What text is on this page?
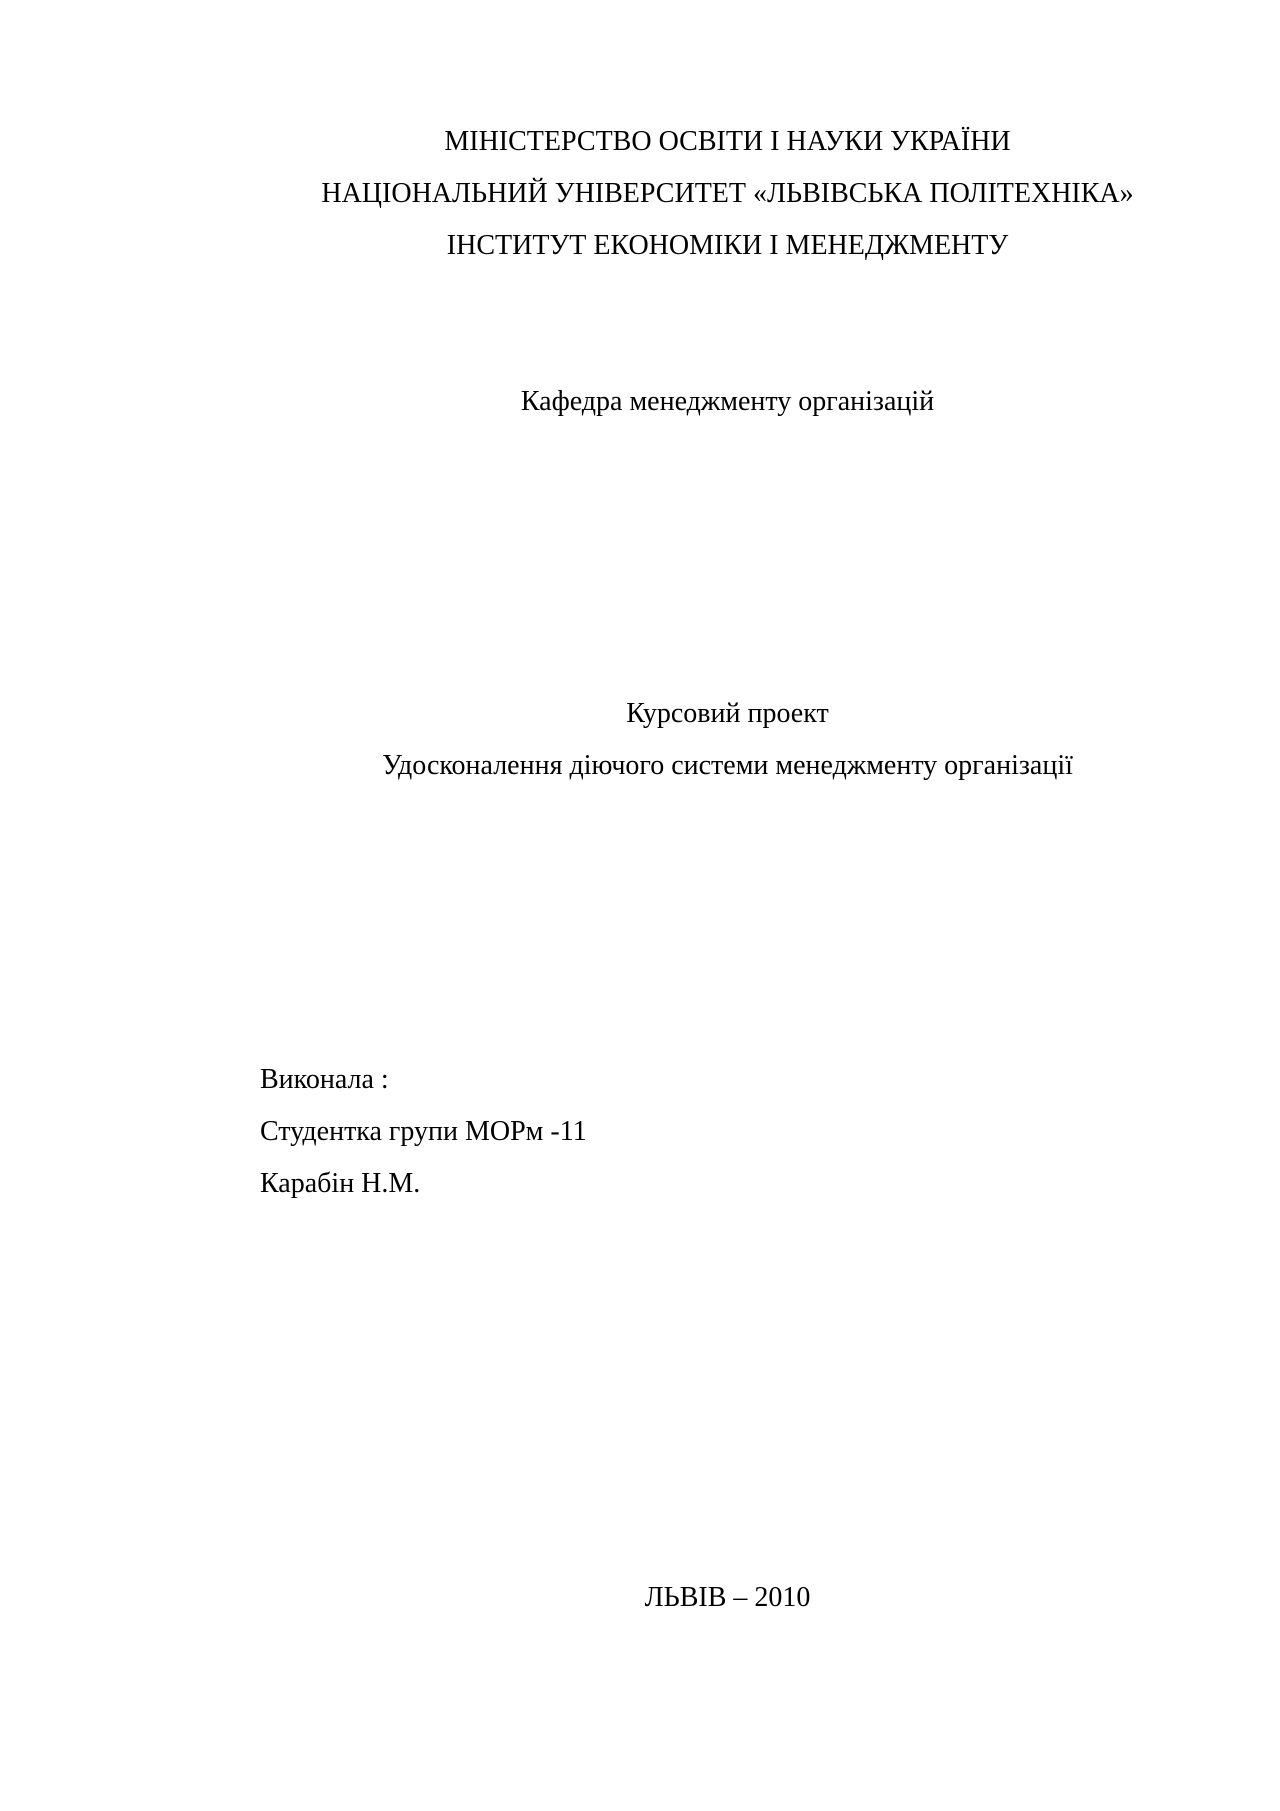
МІНІСТЕРСТВО ОСВІТИ І НАУКИ УКРАЇНИ
НАЦІОНАЛЬНИЙ УНІВЕРСИТЕТ «ЛЬВІВСЬКА ПОЛІТЕХНІКА»
ІНСТИТУТ ЕКОНОМІКИ І МЕНЕДЖМЕНТУ
Кафедра менеджменту організацій
Курсовий проект
Удосконалення діючого системи менеджменту організації
Виконала :
Студентка групи МОРм -11
Карабін Н.М.
ЛЬВІВ – 2010
